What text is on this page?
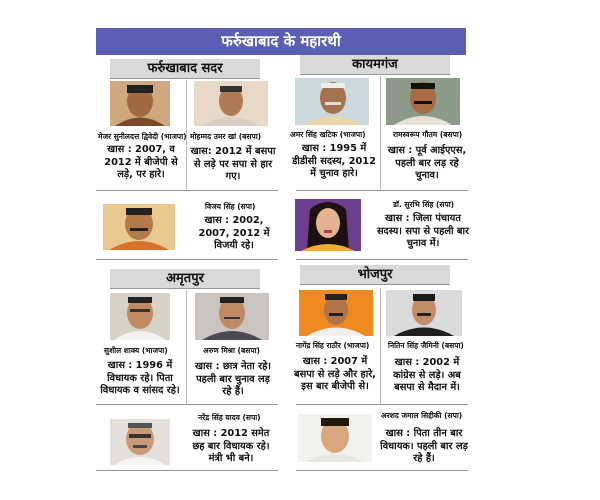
फर्रुखाबाद के महारथी
फर्रुखाबाद सदर	कायमगंज
अमृतपुर	भोजपुर
मेजर सुनीलदत्त द्विवेदी (भाजपा)
खास : 2007, व 2012 में बीजेपी से लड़े, पर हारे।
मोहम्मद उमर खां (बसपा)
खास: 2012 में बसपा से लड़े पर सपा से हार गए।
विजय सिंह (सपा)
खास : 2002, 2007, 2012 में विजयी रहे।
अमर सिंह खटिक (भाजपा)
खास : 1995 में डीडीसी सदस्य, 2012 में चुनाव हारे।
रामस्वरूप गौतम (बसपा)
खास : पूर्व आईएएस, पहली बार लड़ रहे चुनाव।
डॉ. सुरभि सिंह (सपा)
खास : जिला पंचायत सदस्य। सपा से पहली बार चुनाव में।
सुशील शाक्य (भाजपा)
खास : 1996 में विधायक रहे। पिता विधायक व सांसद रहे।
अरुण मिश्रा (बसपा)
खास : छात्र नेता रहे। पहली बार चुनाव लड़ रहे हैं।
नरेंद्र सिंह यादव (सपा)
खास : 2012 समेत छह बार विधायक रहे। मंत्री भी बने।
नागेंद्र सिंह राठौर (भाजपा)
खास : 2007 में बसपा से लड़े और हारे, इस बार बीजेपी से।
नितिन सिंह जैमिनी (बसपा)
खास : 2002 में कांग्रेस से लड़े। अब बसपा से मैदान में।
अरशद जमाल सिद्दीकी (सपा)
खास : पिता तीन बार विधायक। पहली बार लड़ रहे हैं।
